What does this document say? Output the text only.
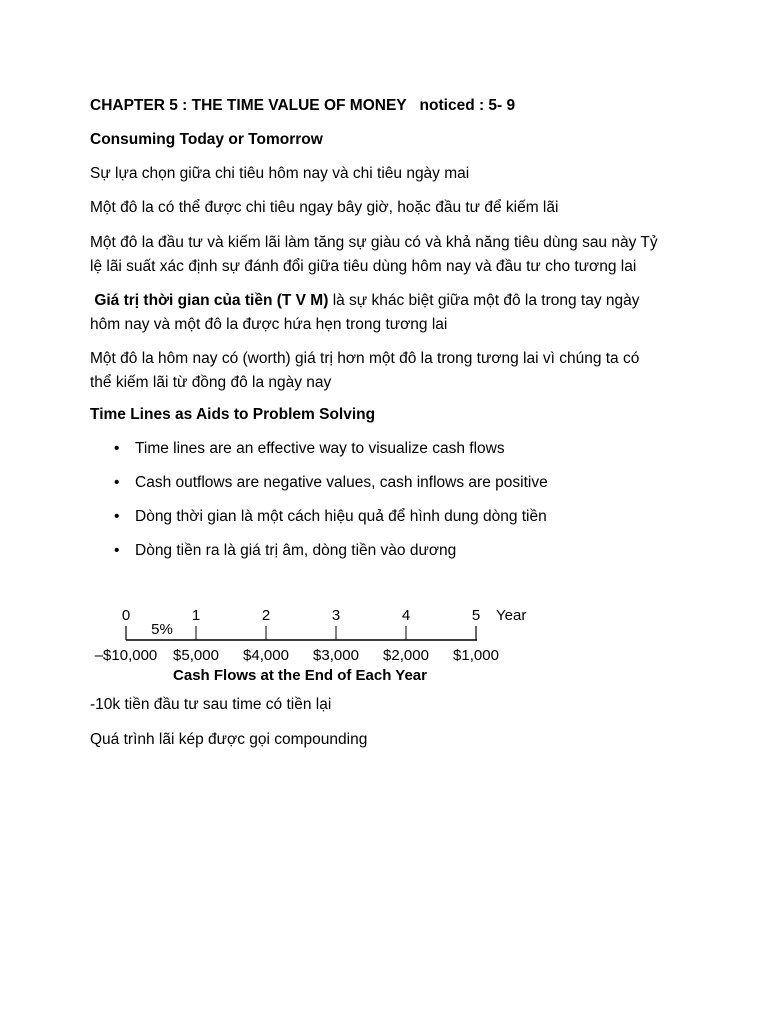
CHAPTER 5 : THE TIME VALUE OF MONEY noticed : 5- 9

Consuming Today or Tomorrow

Sự lựa chọn giữa chi tiêu hôm nay và chi tiêu ngày mai

Một đô la có thể được chi tiêu ngay bây giờ, hoặc đầu tư để kiếm lãi

Một đô la đầu tư và kiếm lãi làm tăng sự giàu có và khả năng tiêu dùng sau này Tỷ
lệ lãi suất xác định sự đánh đổi giữa tiêu dùng hôm nay và đầu tư cho tương lai

Giá trị thời gian của tiền (T V M) là sự khác biệt giữa một đô la trong tay ngày
hôm nay và một đô la được hứa hẹn trong tương lai

Một đô la hôm nay có (worth) giá trị hơn một đô la trong tương lai vì chúng ta có
thể kiếm lãi từ đồng đô la ngày nay

Time Lines as Aids to Problem Solving

• Time lines are an effective way to visualize cash flows
• Cash outflows are negative values, cash inflows are positive
• Dòng thời gian là một cách hiệu quả để hình dung dòng tiền
• Dòng tiền ra là giá trị âm, dòng tiền vào dương
0	1	2	3	4	5 Year
5%
–$10,000 $5,000 $4,000 $3,000 $2,000 $1,000
Cash Flows at the End of Each Year

-10k tiền đầu tư sau time có tiền lại

Quá trình lãi kép được gọi compounding
